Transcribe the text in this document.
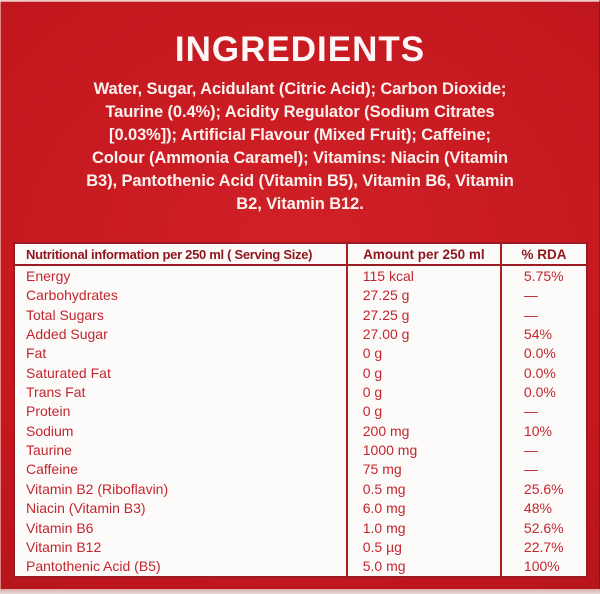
INGREDIENTS
Water, Sugar, Acidulant (Citric Acid); Carbon Dioxide;
Taurine (0.4%); Acidity Regulator (Sodium Citrates
[0.03%]); Artificial Flavour (Mixed Fruit); Caffeine;
Colour (Ammonia Caramel); Vitamins: Niacin (Vitamin
B3), Pantothenic Acid (Vitamin B5), Vitamin B6, Vitamin
B2, Vitamin B12.
Nutritional information per 250 ml ( Serving Size)	Amount per 250 ml	% RDA
Energy	115 kcal	5.75%
Carbohydrates	27.25 g	—
Total Sugars	27.25 g	—
Added Sugar	27.00 g	54%
Fat	0 g	0.0%
Saturated Fat	0 g	0.0%
Trans Fat	0 g	0.0%
Protein	0 g	—
Sodium	200 mg	10%
Taurine	1000 mg	—
Caffeine	75 mg	—
Vitamin B2 (Riboflavin)	0.5 mg	25.6%
Niacin (Vitamin B3)	6.0 mg	48%
Vitamin B6	1.0 mg	52.6%
Vitamin B12	0.5 µg	22.7%
Pantothenic Acid (B5)	5.0 mg	100%
